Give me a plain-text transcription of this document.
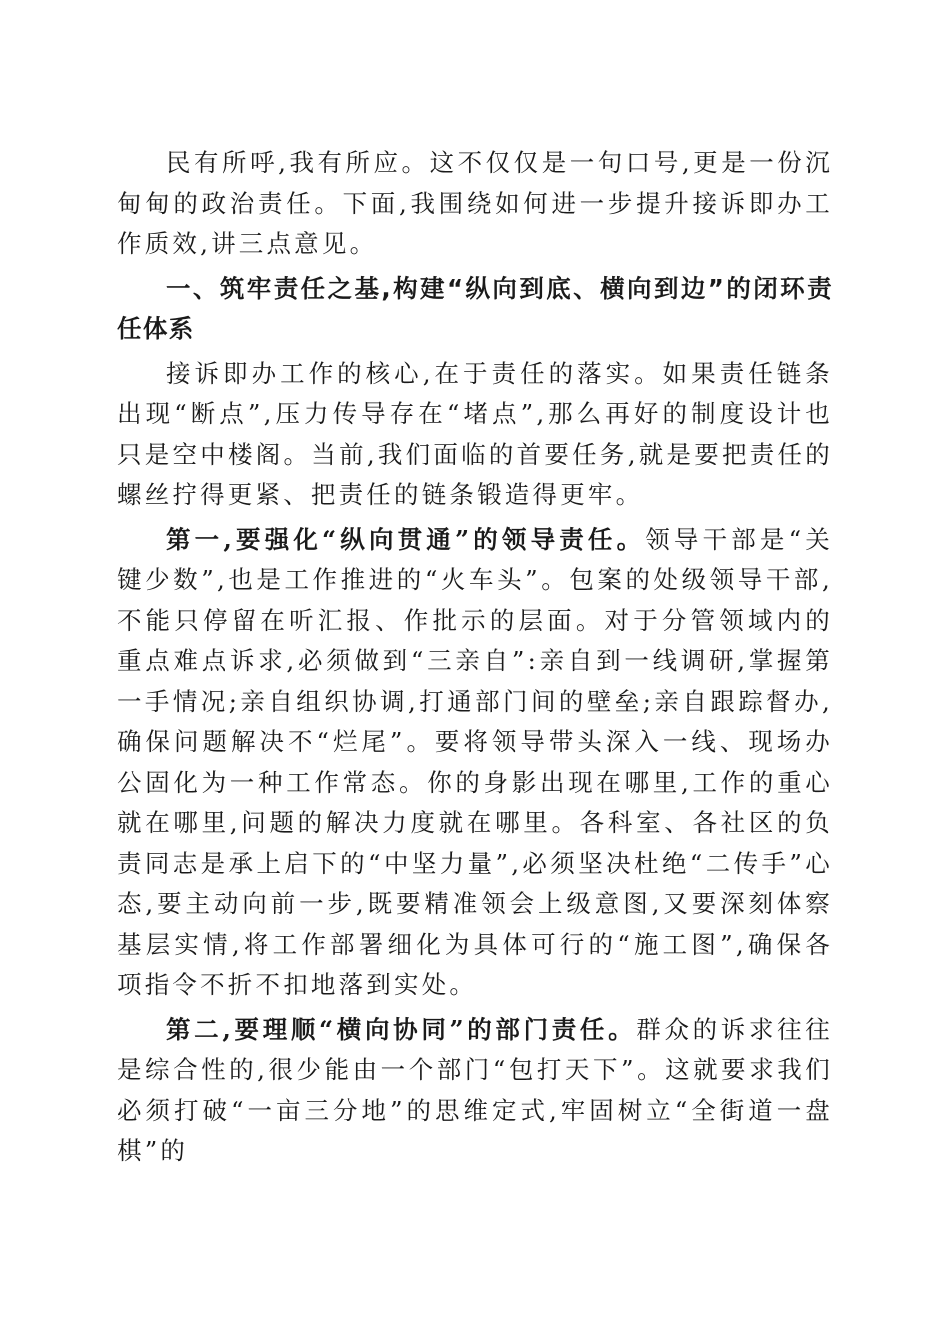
民有所呼,我有所应。这不仅仅是一句口号,更是一份沉甸甸的政治责任。下面,我围绕如何进一步提升接诉即办工作质效,讲三点意见。

一、筑牢责任之基,构建“纵向到底、横向到边”的闭环责任体系

接诉即办工作的核心,在于责任的落实。如果责任链条出现“断点”,压力传导存在“堵点”,那么再好的制度设计也只是空中楼阁。当前,我们面临的首要任务,就是要把责任的螺丝拧得更紧、把责任的链条锻造得更牢。

第一,要强化“纵向贯通”的领导责任。领导干部是“关键少数”,也是工作推进的“火车头”。包案的处级领导干部,不能只停留在听汇报、作批示的层面。对于分管领域内的重点难点诉求,必须做到“三亲自”:亲自到一线调研,掌握第一手情况;亲自组织协调,打通部门间的壁垒;亲自跟踪督办,确保问题解决不“烂尾”。要将领导带头深入一线、现场办公固化为一种工作常态。你的身影出现在哪里,工作的重心就在哪里,问题的解决力度就在哪里。各科室、各社区的负责同志是承上启下的“中坚力量”,必须坚决杜绝“二传手”心态,要主动向前一步,既要精准领会上级意图,又要深刻体察基层实情,将工作部署细化为具体可行的“施工图”,确保各项指令不折不扣地落到实处。

第二,要理顺“横向协同”的部门责任。群众的诉求往往是综合性的,很少能由一个部门“包打天下”。这就要求我们必须打破“一亩三分地”的思维定式,牢固树立“全街道一盘棋”的
